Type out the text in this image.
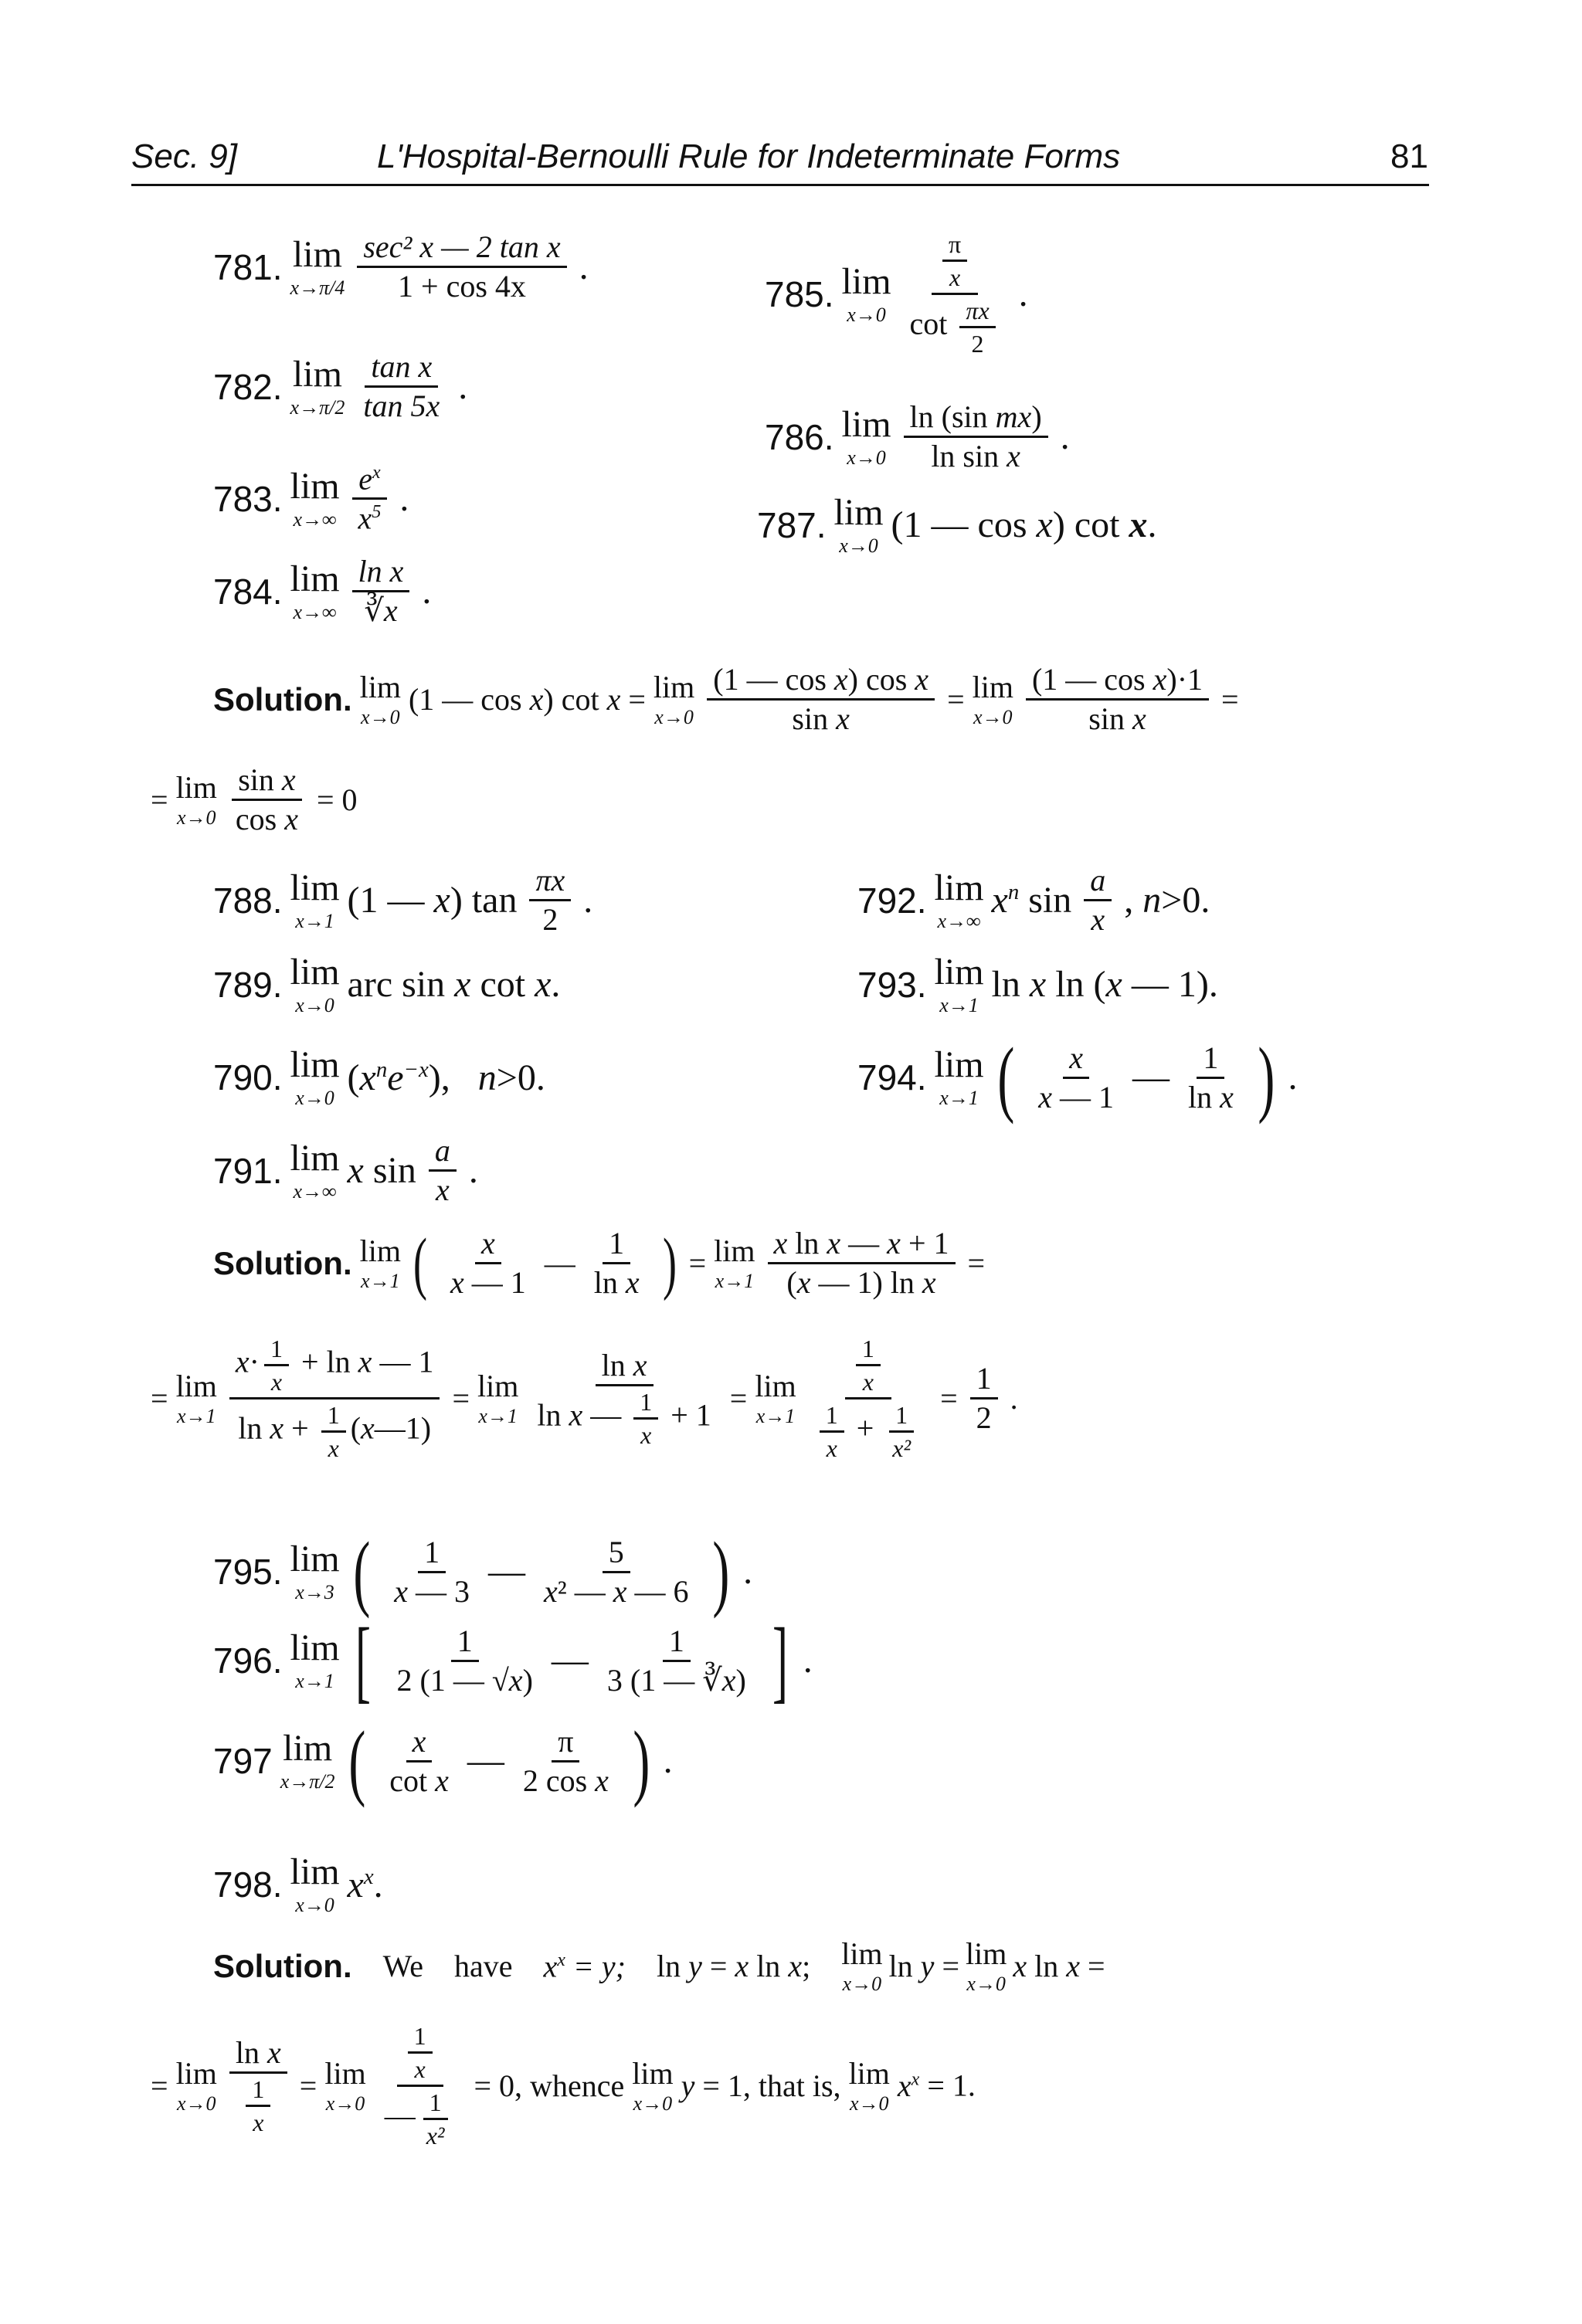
Sec. 9]	L'Hospital-Bernoulli Rule for Indeterminate Forms	81
781. lim
$x\to\pi/4 \frac{\text{sec² x — 2 tan x}}{1 + \cos 4x}$ .
782. lim
$x\to\pi/2 \frac{\text{tan x}}{\tan 5x}$ .
783. lim
$x\to\infty \frac{e^x}{x^5}$ .
784. lim
$x\to\infty \frac{\text{ln x}}{∛x}$ .
785. lim
$x\to 0 \frac{\frac{\pi}{x}}{\cot \frac{\pi x}{2}}$ .
786. lim
$x\to 0 \frac{\text{ln (sin mx)}}{\text{ln sin x}}$ .
787. lim
x→0
(1 — cos x) cot x.
Solution. lim
x→0
(1 — cos x) cot x = lim
$x\to 0 \frac{\text{(1 — cos x) cos x}}{\text{sin x}} = \lim$
$x\to 0 \frac{\text{(1 — cos x)·1}}{\text{sin x}}$ =
= lim
$x\to 0 \frac{\text{sin x}}{\text{cos x}} = 0$
788. lim
x→1
(1 — x) $\tan \frac{\pi x}{2}$ .
789. lim
x→0
arc sin x cot x.
790. lim
x→0 $(x^ne^{-x})$,   n>0.
791. lim
x→∞
x $\sin \frac{a}{x}$ .
792. lim
x→∞ $x^n$ $\sin \frac{a}{x}$ , n>0.
793. lim
x→1
ln x ln (x — 1).
794. lim
x→1 ( $\frac{x}{x — 1}$ — $\frac{1}{\text{ln x}}$ ) .
Solution. lim
x→1 ( $\frac{x}{x — 1}$ — $\frac{1}{\text{ln x}}$ ) = lim
$x\to 1 \frac{\text{x ln x — x + 1}}{\text{(x — 1) ln x}}$ =
= lim
$x\to 1 \frac{x\cdot \frac{1}{x} + \ln x — 1}{\ln x + \frac{1}{x} (x—1)} = \lim$
$x\to 1 \frac{\text{ln x}}{\ln x — \frac{1}{x} + 1} = \lim$
$x\to 1 \frac{\frac{1}{x}}{\frac{1}{x} + \frac{1}{\text{x²}}} = \frac{1}{2}$ .
795. lim
x→3 ( $\frac{1}{x — 3}$ — $\frac{5}{\text{x² — x — 6}}$ ) .
796. lim
x→1 [ $\frac{1}{2 (1 — √x)}$ — $\frac{1}{3 (1 — ∛x)}$ ] .
797 lim
x→π/2 ( $\frac{x}{\text{cot x}}$ — $\frac{\pi}{\text{2 cos x}}$ ) .
798. lim
x→0 $x^x$.
Solution. We have $x^x = y$; ln y = x ln x; lim
x→0
ln y = lim
x→0
x ln x =
= lim
$x\to 0 \frac{\text{ln x}}{\frac{1}{x}} = \lim$
$x\to 0 \frac{\frac{1}{x}}{— \frac{1}{\text{x²}}} = 0$, whence lim
x→0
y = 1, that is, lim
x→0
$x^x = 1$.
